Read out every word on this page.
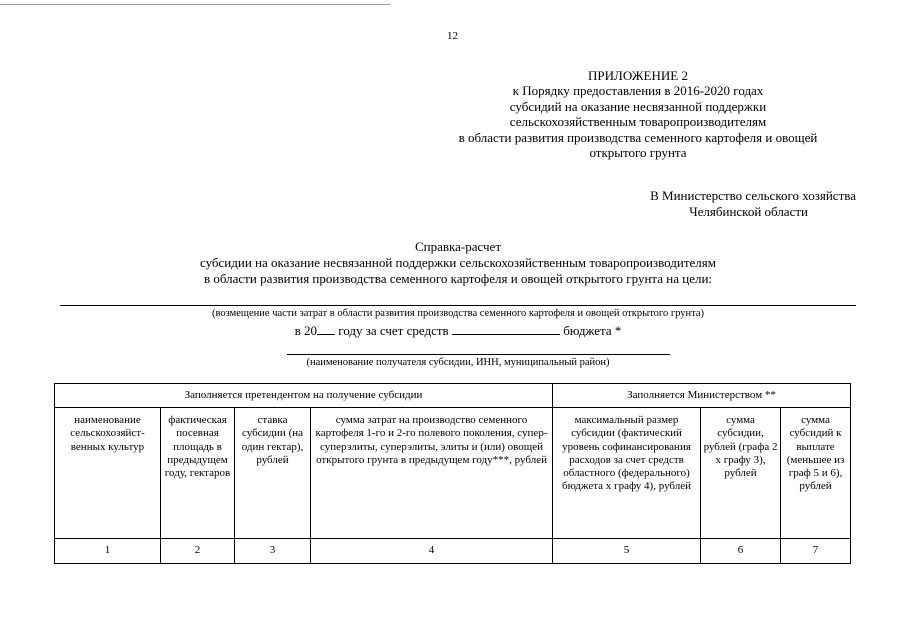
12
ПРИЛОЖЕНИЕ 2
к Порядку предоставления в 2016-2020 годах
субсидий на оказание несвязанной поддержки
сельскохозяйственным товаропроизводителям
в области развития производства семенного картофеля и овощей
открытого грунта
В Министерство сельского хозяйства
Челябинской области
Справка-расчет
субсидии на оказание несвязанной поддержки сельскохозяйственным товаропроизводителям
в области развития производства семенного картофеля и овощей открытого грунта на цели:
(возмещение части затрат в области развития производства семенного картофеля и овощей открытого грунта)
в 20 году за счет средств	бюджета *
(наименование получателя субсидии, ИНН, муниципальный район)
Заполняется претендентом на получение субсидии				Заполняется Министерством **		
наименование сельскохозяйст-венных культур	фактическая посевная площадь в предыдущем году, гектаров	ставка субсидии (на один гектар), рублей	сумма затрат на производство семенного картофеля 1-го и 2-го полевого поколения, супер-суперэлиты, суперэлиты, элиты и (или) овощей открытого грунта в предыдущем году***, рублей	максимальный размер субсидии (фактический уровень софинансирования расходов за счет средств областного (федерального) бюджета х графу 4), рублей	сумма субсидии, рублей (графа 2 х графу 3), рублей	сумма субсидий к выплате (меньшее из граф 5 и 6), рублей
1	2	3	4	5	6	7
